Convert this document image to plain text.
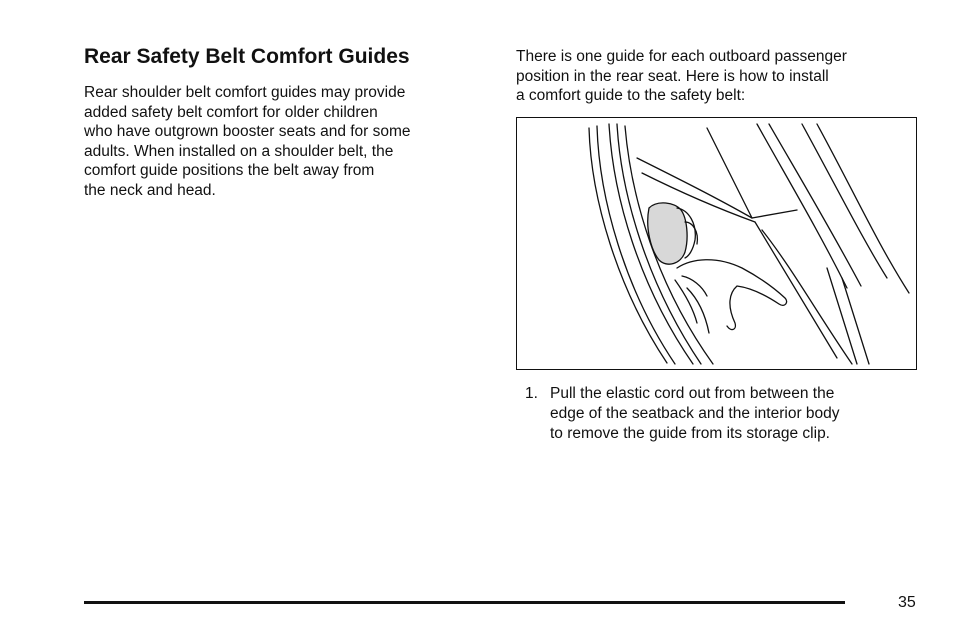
Rear Safety Belt Comfort Guides

Rear shoulder belt comfort guides may provide
added safety belt comfort for older children
who have outgrown booster seats and for some
adults. When installed on a shoulder belt, the
comfort guide positions the belt away from
the neck and head.

There is one guide for each outboard passenger
position in the rear seat. Here is how to install
a comfort guide to the safety belt:

1. Pull the elastic cord out from between the
edge of the seatback and the interior body
to remove the guide from its storage clip.
35
